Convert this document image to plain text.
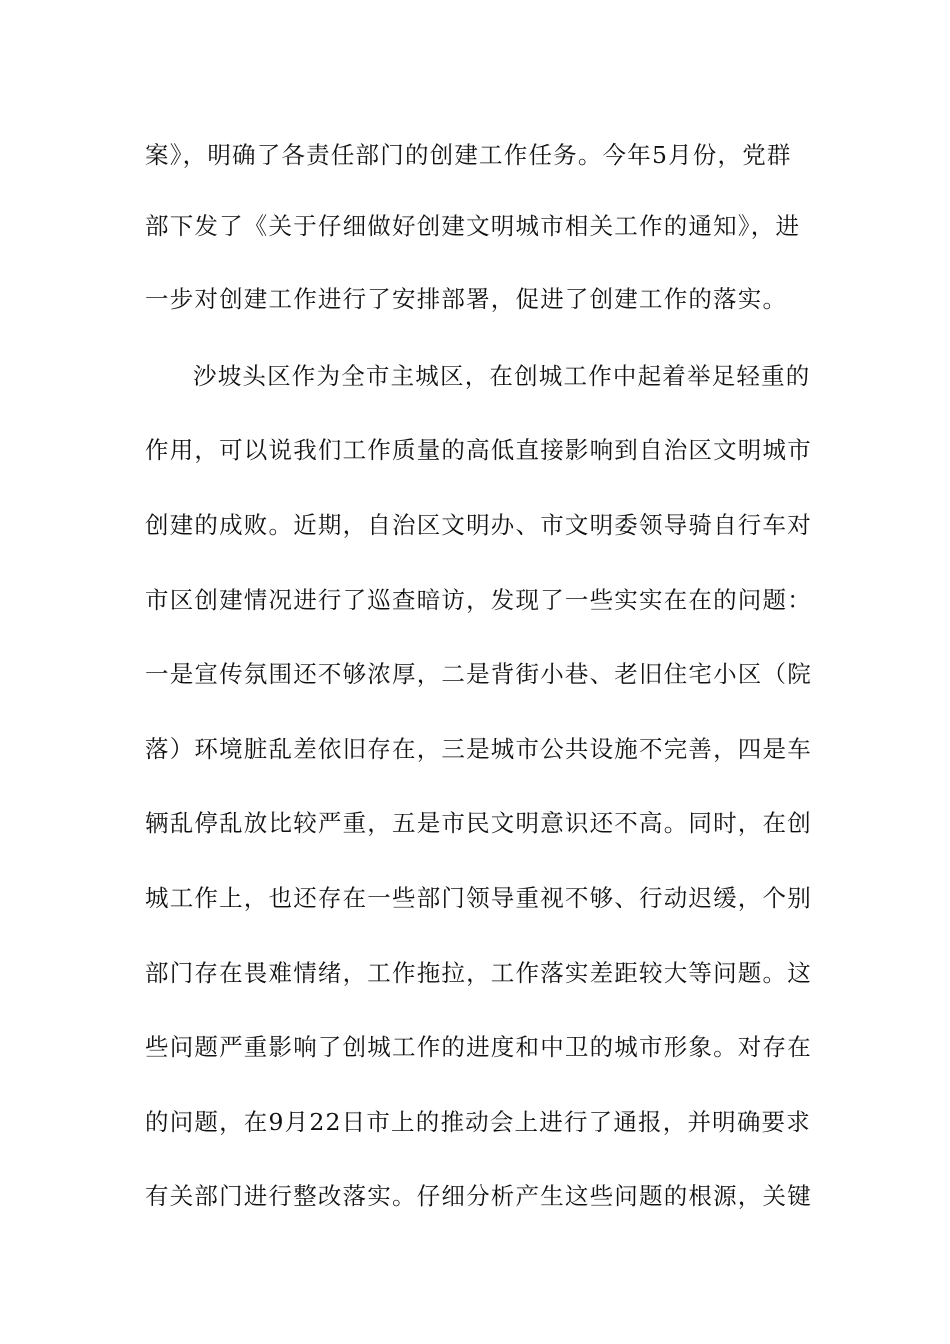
案》，明确了各责任部门的创建工作任务。今年5月份，党群
部下发了《关于仔细做好创建文明城市相关工作的通知》，进
一步对创建工作进行了安排部署，促进了创建工作的落实。
沙坡头区作为全市主城区，在创城工作中起着举足轻重的
作用，可以说我们工作质量的高低直接影响到自治区文明城市
创建的成败。近期，自治区文明办、市文明委领导骑自行车对
市区创建情况进行了巡查暗访，发现了一些实实在在的问题：
一是宣传氛围还不够浓厚，二是背街小巷、老旧住宅小区（院
落）环境脏乱差依旧存在，三是城市公共设施不完善，四是车
辆乱停乱放比较严重，五是市民文明意识还不高。同时，在创
城工作上，也还存在一些部门领导重视不够、行动迟缓，个别
部门存在畏难情绪，工作拖拉，工作落实差距较大等问题。这
些问题严重影响了创城工作的进度和中卫的城市形象。对存在
的问题，在9月22日市上的推动会上进行了通报，并明确要求
有关部门进行整改落实。仔细分析产生这些问题的根源，关键
